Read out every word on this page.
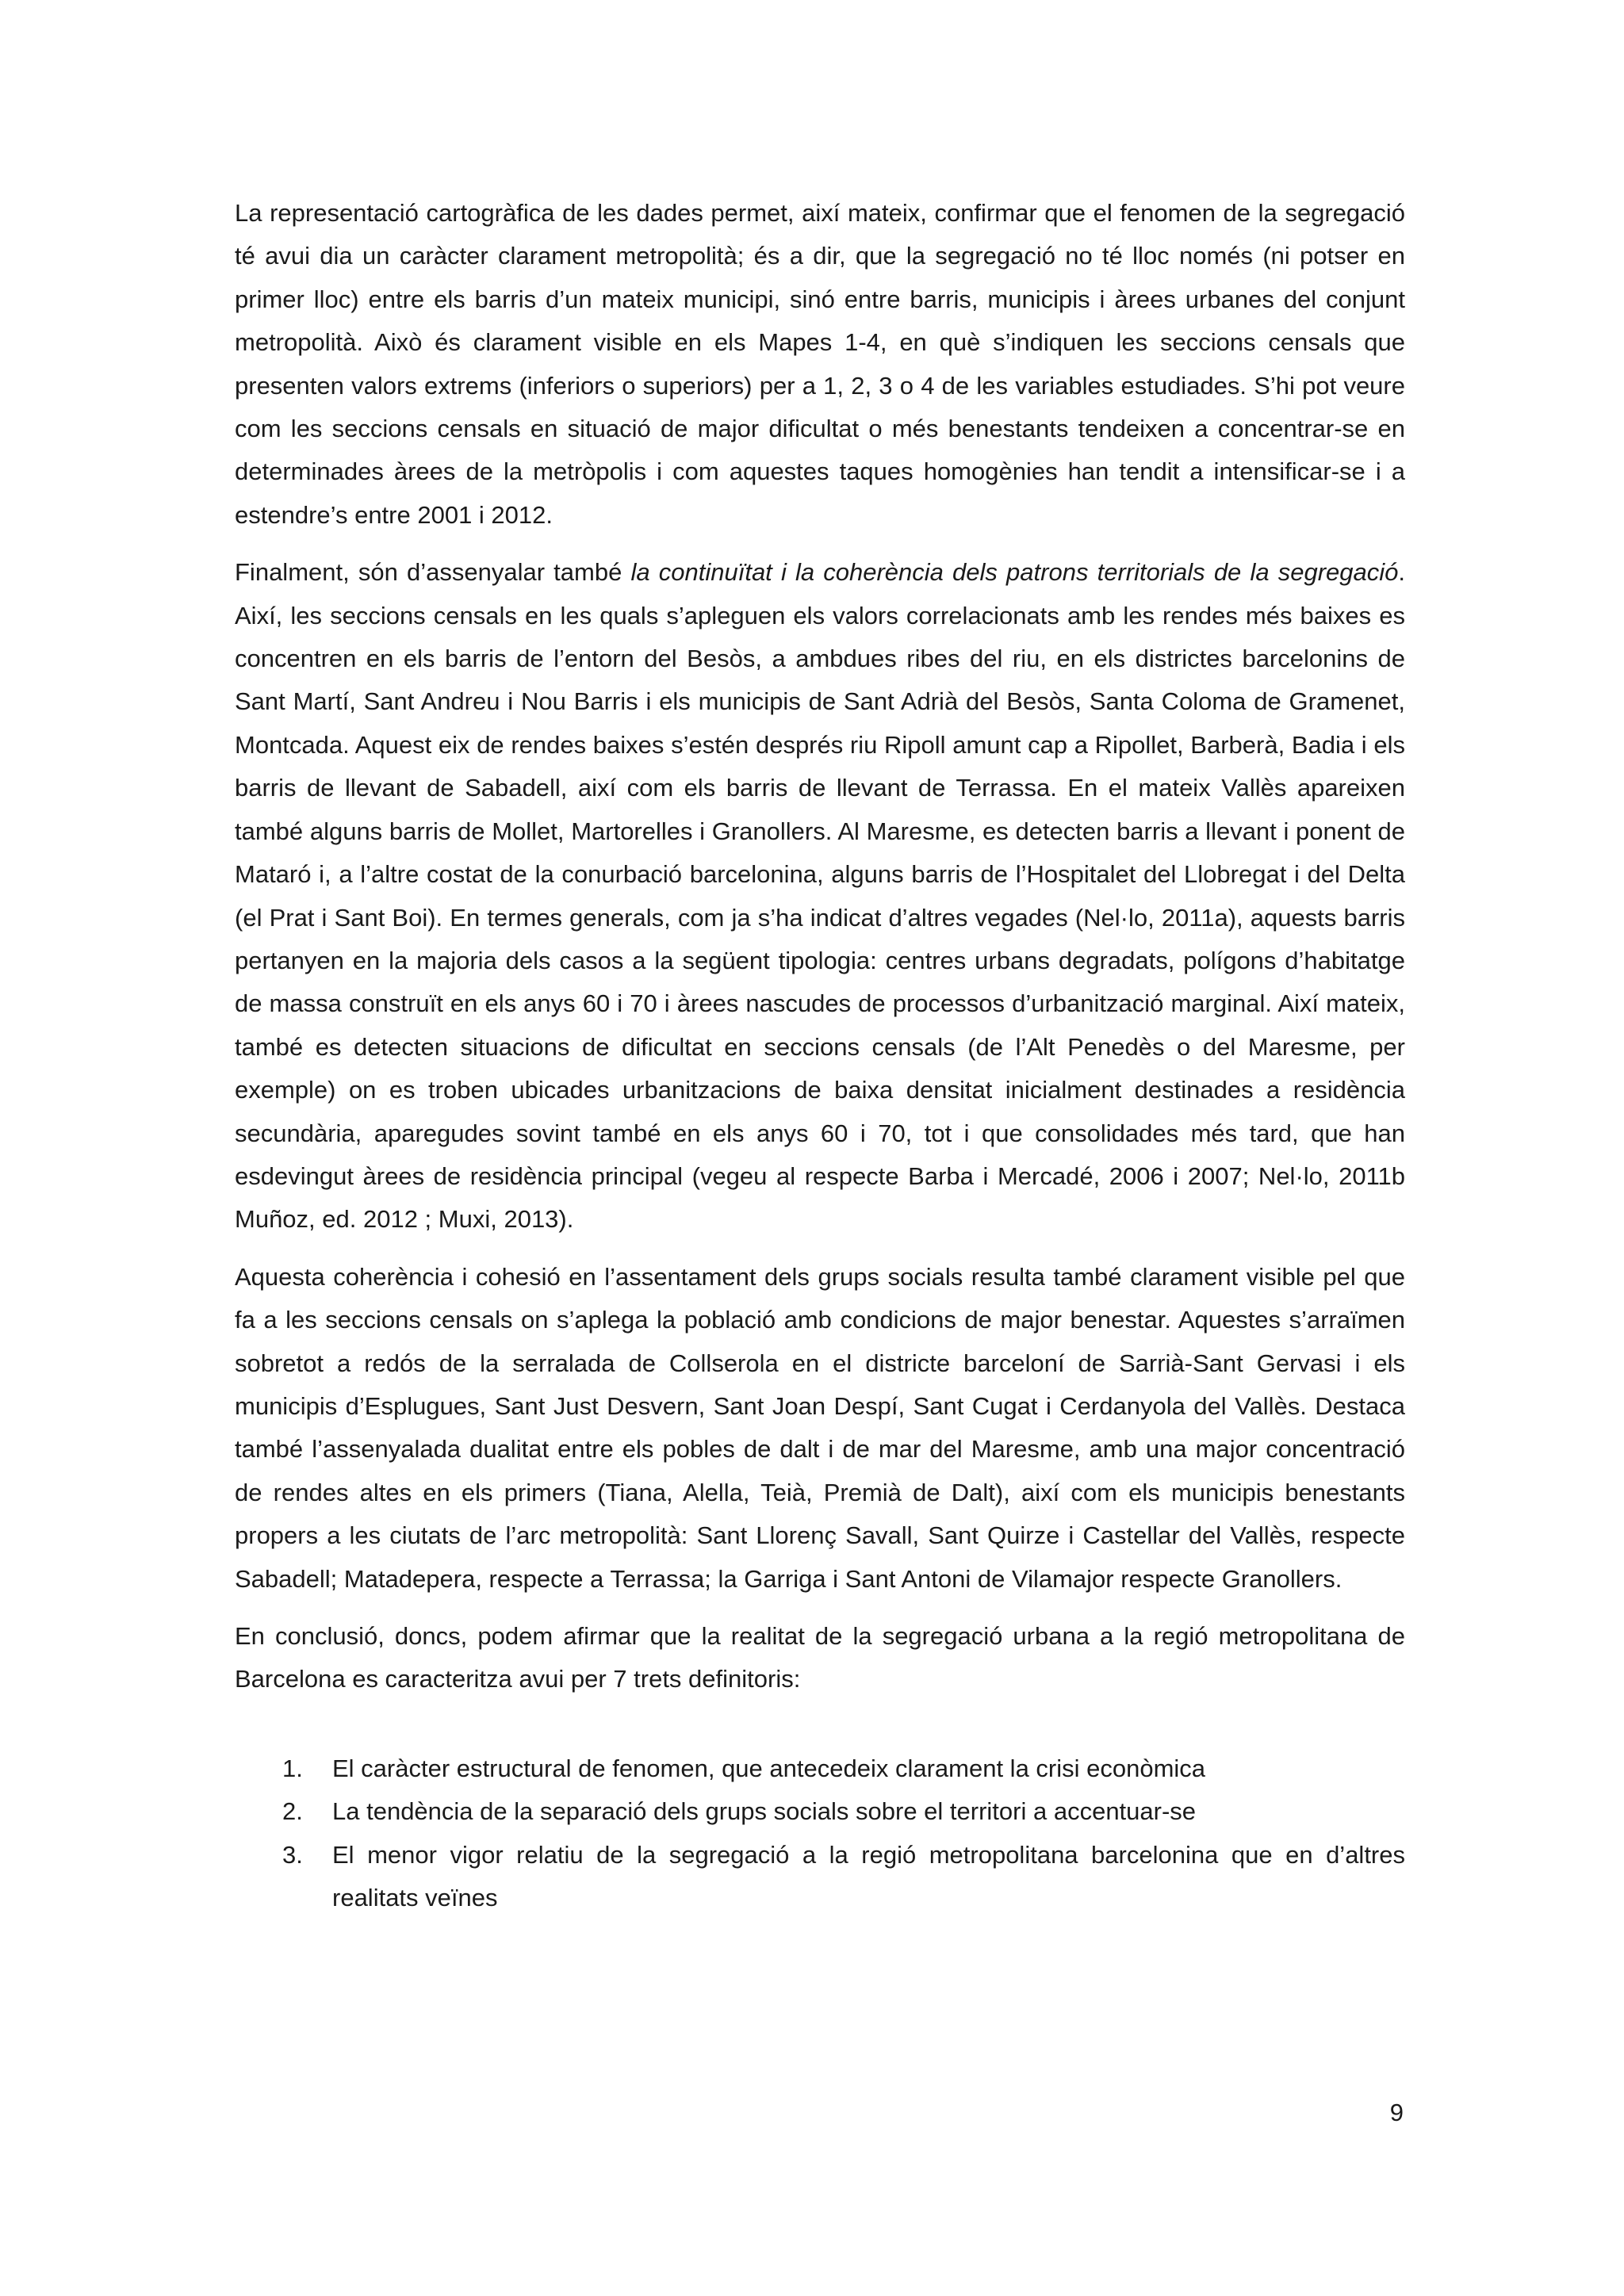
La representació cartogràfica de les dades permet, així mateix, confirmar que el fenomen de la segregació té avui dia un caràcter clarament metropolità; és a dir, que la segregació no té lloc només (ni potser en primer lloc) entre els barris d’un mateix municipi, sinó entre barris, municipis i àrees urbanes del conjunt metropolità. Això és clarament visible en els Mapes 1-4, en què s’indiquen les seccions censals que presenten valors extrems (inferiors o superiors) per a 1, 2, 3 o 4 de les variables estudiades. S’hi pot veure com les seccions censals en situació de major dificultat o més benestants tendeixen a concentrar-se en determinades àrees de la metròpolis i com aquestes taques homogènies han tendit a intensificar-se i a estendre’s entre 2001 i 2012.

Finalment, són d’assenyalar també la continuïtat i la coherència dels patrons territorials de la segregació. Així, les seccions censals en les quals s’apleguen els valors correlacionats amb les rendes més baixes es concentren en els barris de l’entorn del Besòs, a ambdues ribes del riu, en els districtes barcelonins de Sant Martí, Sant Andreu i Nou Barris i els municipis de Sant Adrià del Besòs, Santa Coloma de Gramenet, Montcada. Aquest eix de rendes baixes s’estén després riu Ripoll amunt cap a Ripollet, Barberà, Badia i els barris de llevant de Sabadell, així com els barris de llevant de Terrassa. En el mateix Vallès apareixen també alguns barris de Mollet, Martorelles i Granollers. Al Maresme, es detecten barris a llevant i ponent de Mataró i, a l’altre costat de la conurbació barcelonina, alguns barris de l’Hospitalet del Llobregat i del Delta (el Prat i Sant Boi). En termes generals, com ja s’ha indicat d’altres vegades (Nel·lo, 2011a), aquests barris pertanyen en la majoria dels casos a la següent tipologia: centres urbans degradats, polígons d’habitatge de massa construït en els anys 60 i 70 i àrees nascudes de processos d’urbanització marginal. Així mateix, també es detecten situacions de dificultat en seccions censals (de l’Alt Penedès o del Maresme, per exemple) on es troben ubicades urbanitzacions de baixa densitat inicialment destinades a residència secundària, aparegudes sovint també en els anys 60 i 70, tot i que consolidades més tard, que han esdevingut àrees de residència principal (vegeu al respecte Barba i Mercadé, 2006 i 2007; Nel·lo, 2011b Muñoz, ed. 2012 ; Muxi, 2013).

Aquesta coherència i cohesió en l’assentament dels grups socials resulta també clarament visible pel que fa a les seccions censals on s’aplega la població amb condicions de major benestar. Aquestes s’arraïmen sobretot a redós de la serralada de Collserola en el districte barceloní de Sarrià-Sant Gervasi i els municipis d’Esplugues, Sant Just Desvern, Sant Joan Despí, Sant Cugat i Cerdanyola del Vallès. Destaca també l’assenyalada dualitat entre els pobles de dalt i de mar del Maresme, amb una major concentració de rendes altes en els primers (Tiana, Alella, Teià, Premià de Dalt), així com els municipis benestants propers a les ciutats de l’arc metropolità: Sant Llorenç Savall, Sant Quirze i Castellar del Vallès, respecte Sabadell; Matadepera, respecte a Terrassa; la Garriga i Sant Antoni de Vilamajor respecte Granollers.

En conclusió, doncs, podem afirmar que la realitat de la segregació urbana a la regió metropolitana de Barcelona es caracteritza avui per 7 trets definitoris:

1.	El caràcter estructural de fenomen, que antecedeix clarament la crisi econòmica
2.	La tendència de la separació dels grups socials sobre el territori a accentuar-se
3.	El menor vigor relatiu de la segregació a la regió metropolitana barcelonina que en d’altres realitats veïnes
9
